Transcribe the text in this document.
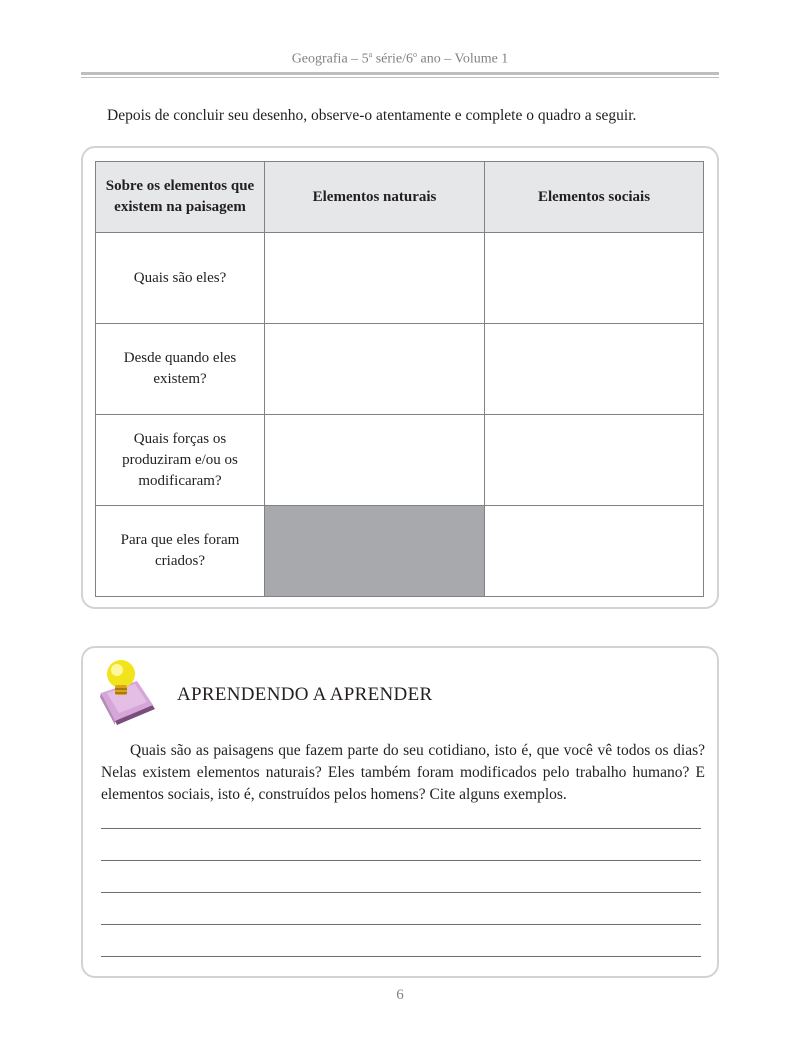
Geografia – 5$^a$ série/6$^o$ ano – Volume 1
Depois de concluir seu desenho, observe-o atentamente e complete o quadro a seguir.
Sobre os elementos que existem na paisagem	Elementos naturais	Elementos sociais
Quais são eles?		
Desde quando eles existem?		
Quais forças os produziram e/ou os modificaram?		
Para que eles foram criados?		
APRENDENDO A APRENDER

Quais são as paisagens que fazem parte do seu cotidiano, isto é, que você vê todos os dias? Nelas existem elementos naturais? Eles também foram modificados pelo trabalho humano? E elementos sociais, isto é, construídos pelos homens? Cite alguns exemplos.

6
